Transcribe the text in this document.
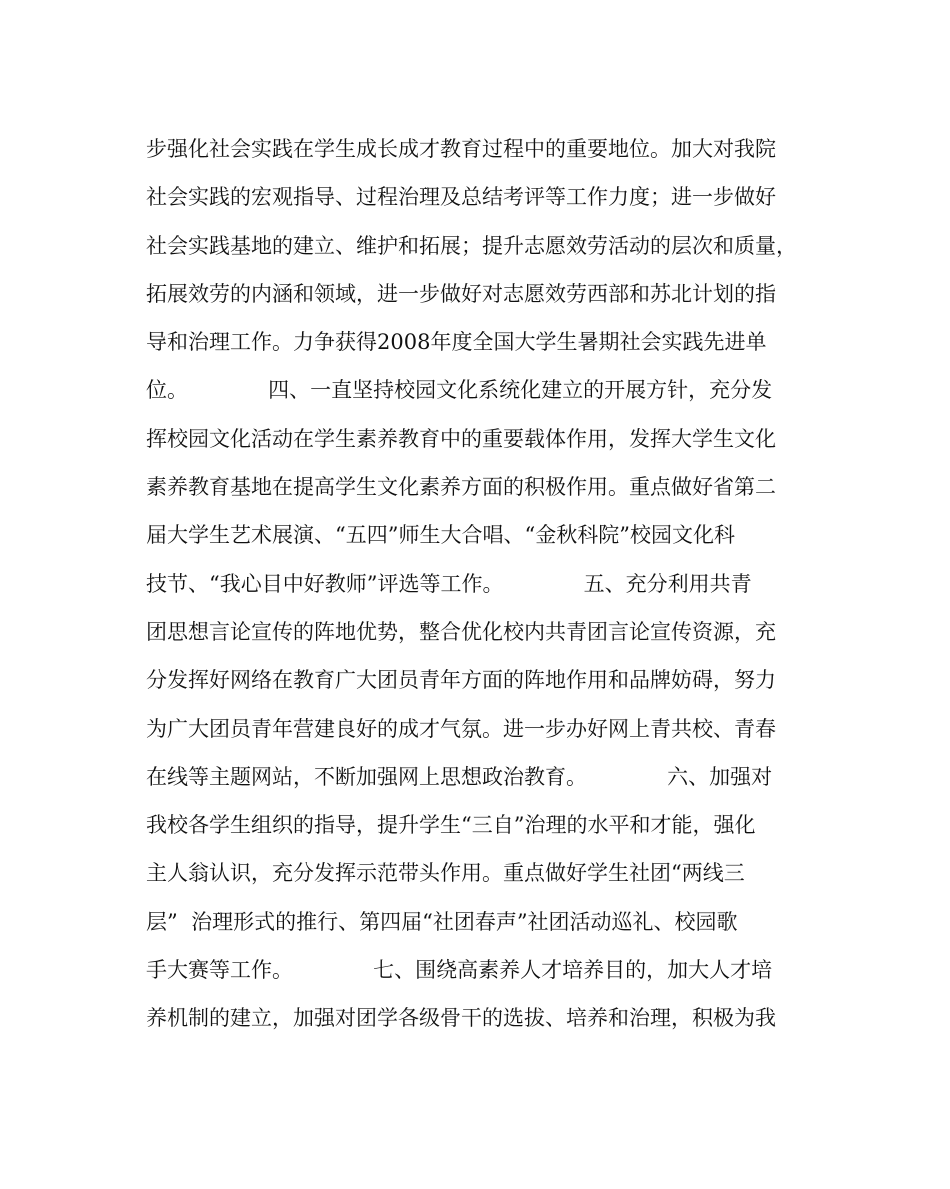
步强化社会实践在学生成长成才教育过程中的重要地位。加大对我院
社会实践的宏观指导、过程治理及总结考评等工作力度；进一步做好
社会实践基地的建立、维护和拓展；提升志愿效劳活动的层次和质量，
拓展效劳的内涵和领域，进一步做好对志愿效劳西部和苏北计划的指
导和治理工作。力争获得2008年度全国大学生暑期社会实践先进单
位。            四、一直坚持校园文化系统化建立的开展方针，充分发
挥校园文化活动在学生素养教育中的重要载体作用，发挥大学生文化
素养教育基地在提高学生文化素养方面的积极作用。重点做好省第二
届大学生艺术展演、“五四”师生大合唱、“金秋科院”校园文化科
技节、“我心目中好教师”评选等工作。            五、充分利用共青
团思想言论宣传的阵地优势，整合优化校内共青团言论宣传资源，充
分发挥好网络在教育广大团员青年方面的阵地作用和品牌妨碍，努力
为广大团员青年营建良好的成才气氛。进一步办好网上青共校、青春
在线等主题网站，不断加强网上思想政治教育。            六、加强对
我校各学生组织的指导，提升学生“三自”治理的水平和才能，强化
主人翁认识，充分发挥示范带头作用。重点做好学生社团“两线三
层”  治理形式的推行、第四届“社团春声”社团活动巡礼、校园歌
手大赛等工作。            七、围绕高素养人才培养目的，加大人才培
养机制的建立，加强对团学各级骨干的选拔、培养和治理，积极为我
